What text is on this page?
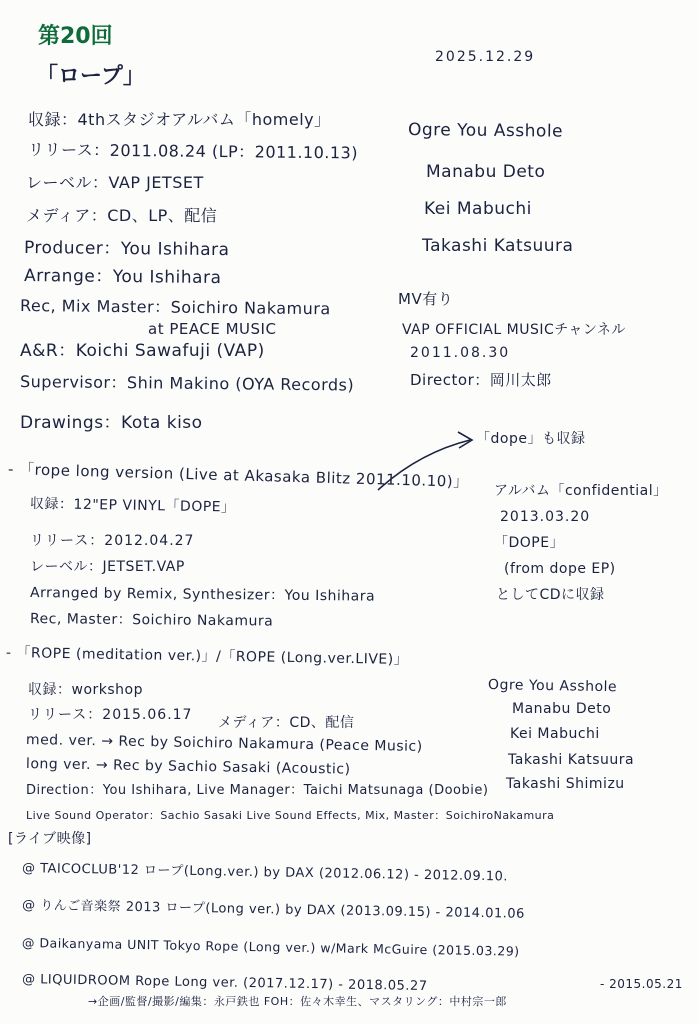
第20回
「ロープ」
2025.12.29
収録：4thスタジオアルバム「homely」
リリース：2011.08.24 (LP：2011.10.13)
レーベル：VAP JETSET
メディア：CD、LP、配信
Producer：You Ishihara
Arrange：You Ishihara
Rec, Mix Master：Soichiro Nakamura
at PEACE MUSIC
A&R：Koichi Sawafuji (VAP)
Supervisor：Shin Makino (OYA Records)
Drawings：Kota kiso
Ogre You Asshole
Manabu Deto
Kei Mabuchi
Takashi Katsuura
MV有り
VAP OFFICIAL MUSICチャンネル
2011.08.30
Director：岡川太郎
- 「rope long version (Live at Akasaka Blitz 2011.10.10)」
収録：12"EP VINYL「DOPE」
リリース：2012.04.27
レーベル：JETSET.VAP
Arranged by Remix, Synthesizer：You Ishihara
Rec, Master：Soichiro Nakamura
「dope」も収録
アルバム「confidential」
2013.03.20
「DOPE」
(from dope EP)
としてCDに収録
- 「ROPE (meditation ver.)」/「ROPE (Long.ver.LIVE)」
収録：workshop
リリース：2015.06.17 メディア：CD、配信
med. ver. → Rec by Soichiro Nakamura (Peace Music)
long ver. → Rec by Sachio Sasaki (Acoustic)
Direction：You Ishihara, Live Manager：Taichi Matsunaga (Doobie)
Live Sound Operator：Sachio Sasaki Live Sound Effects, Mix, Master：SoichiroNakamura
Ogre You Asshole
Manabu Deto
Kei Mabuchi
Takashi Katsuura
Takashi Shimizu
[ライブ映像]
@ TAICOCLUB'12 ロープ(Long.ver.) by DAX (2012.06.12) - 2012.09.10.
@ りんご音楽祭 2013 ロープ(Long ver.) by DAX (2013.09.15) - 2014.01.06
@ Daikanyama UNIT Tokyo Rope (Long ver.) w/Mark McGuire (2015.03.29)
- 2015.05.21
@ LIQUIDROOM Rope Long ver. (2017.12.17) - 2018.05.27
→企画/監督/撮影/編集：永戸鉄也 FOH：佐々木幸生、マスタリング：中村宗一郎
